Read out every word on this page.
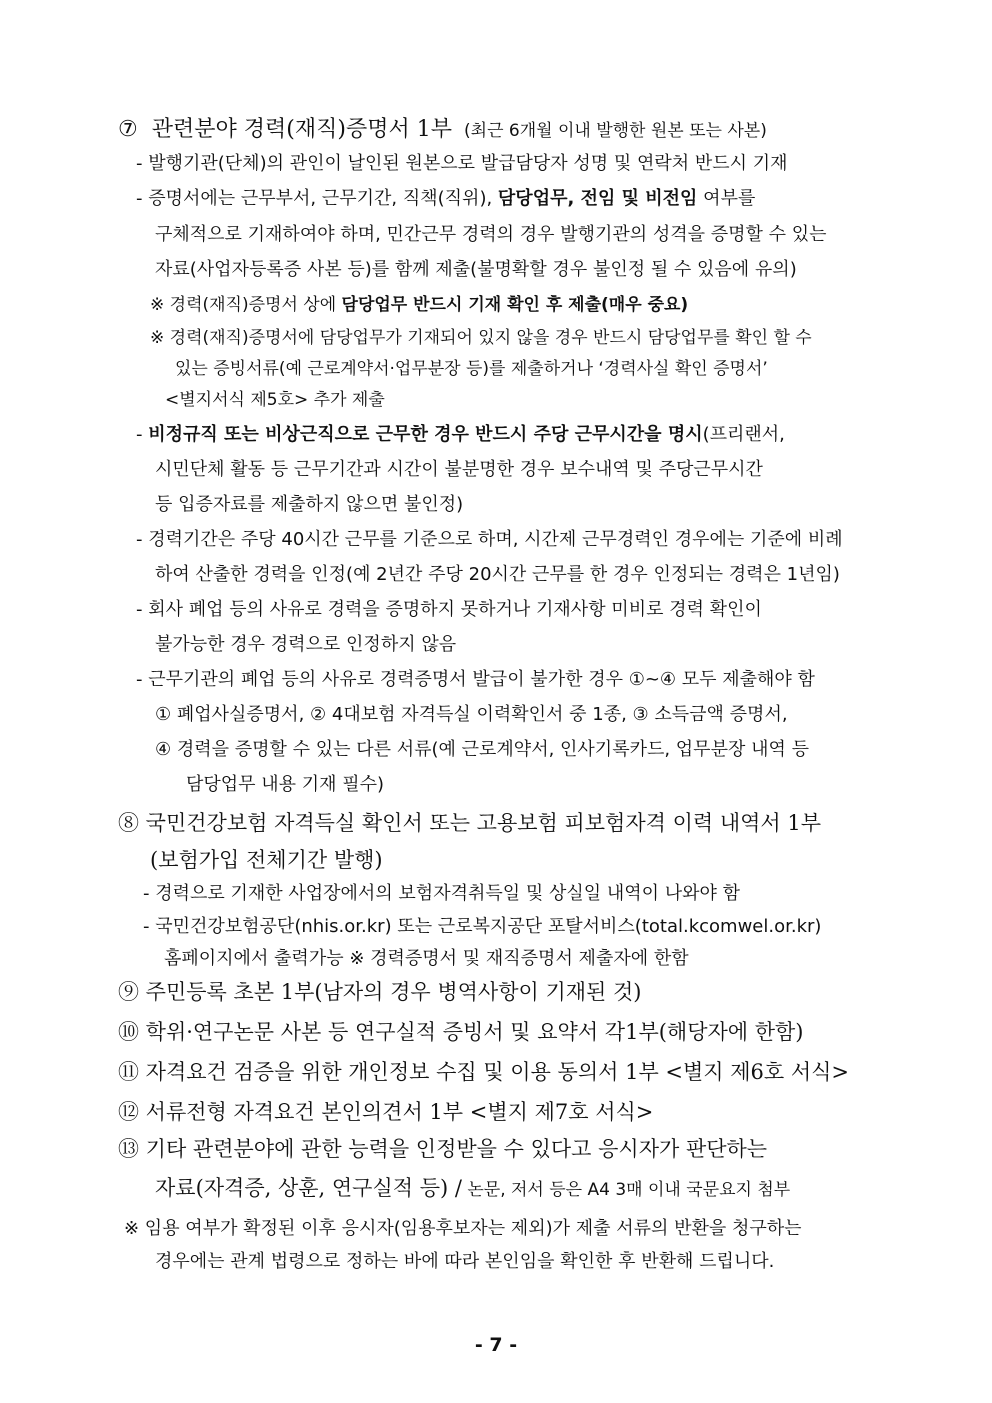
⑦ 관련분야 경력(재직)증명서 1부 (최근 6개월 이내 발행한 원본 또는 사본)
- 발행기관(단체)의 관인이 날인된 원본으로 발급담당자 성명 및 연락처 반드시 기재
- 증명서에는 근무부서, 근무기간, 직책(직위), 담당업무, 전임 및 비전임 여부를
구체적으로 기재하여야 하며, 민간근무 경력의 경우 발행기관의 성격을 증명할 수 있는
자료(사업자등록증 사본 등)를 함께 제출(불명확할 경우 불인정 될 수 있음에 유의)
※ 경력(재직)증명서 상에 담당업무 반드시 기재 확인 후 제출(매우 중요)
※ 경력(재직)증명서에 담당업무가 기재되어 있지 않을 경우 반드시 담당업무를 확인 할 수
있는 증빙서류(예 근로계약서·업무분장 등)를 제출하거나 ‘경력사실 확인 증명서’
<별지서식 제5호> 추가 제출
- 비정규직 또는 비상근직으로 근무한 경우 반드시 주당 근무시간을 명시(프리랜서,
시민단체 활동 등 근무기간과 시간이 불분명한 경우 보수내역 및 주당근무시간
등 입증자료를 제출하지 않으면 불인정)
- 경력기간은 주당 40시간 근무를 기준으로 하며, 시간제 근무경력인 경우에는 기준에 비례
하여 산출한 경력을 인정(예 2년간 주당 20시간 근무를 한 경우 인정되는 경력은 1년임)
- 회사 폐업 등의 사유로 경력을 증명하지 못하거나 기재사항 미비로 경력 확인이
불가능한 경우 경력으로 인정하지 않음
- 근무기관의 폐업 등의 사유로 경력증명서 발급이 불가한 경우 ①~④ 모두 제출해야 함
① 폐업사실증명서, ② 4대보험 자격득실 이력확인서 중 1종, ③ 소득금액 증명서,
④ 경력을 증명할 수 있는 다른 서류(예 근로계약서, 인사기록카드, 업무분장 내역 등
담당업무 내용 기재 필수)
⑧ 국민건강보험 자격득실 확인서 또는 고용보험 피보험자격 이력 내역서 1부
(보험가입 전체기간 발행)
- 경력으로 기재한 사업장에서의 보험자격취득일 및 상실일 내역이 나와야 함
- 국민건강보험공단(nhis.or.kr) 또는 근로복지공단 포탈서비스(total.kcomwel.or.kr)
홈페이지에서 출력가능 ※ 경력증명서 및 재직증명서 제출자에 한함
⑨ 주민등록 초본 1부(남자의 경우 병역사항이 기재된 것)
⑩ 학위·연구논문 사본 등 연구실적 증빙서 및 요약서 각1부(해당자에 한함)
⑪ 자격요건 검증을 위한 개인정보 수집 및 이용 동의서 1부 <별지 제6호 서식>
⑫ 서류전형 자격요건 본인의견서 1부 <별지 제7호 서식>
⑬ 기타 관련분야에 관한 능력을 인정받을 수 있다고 응시자가 판단하는
자료(자격증, 상훈, 연구실적 등) / 논문, 저서 등은 A4 3매 이내 국문요지 첨부
※ 임용 여부가 확정된 이후 응시자(임용후보자는 제외)가 제출 서류의 반환을 청구하는
경우에는 관계 법령으로 정하는 바에 따라 본인임을 확인한 후 반환해 드립니다.
- 7 -
